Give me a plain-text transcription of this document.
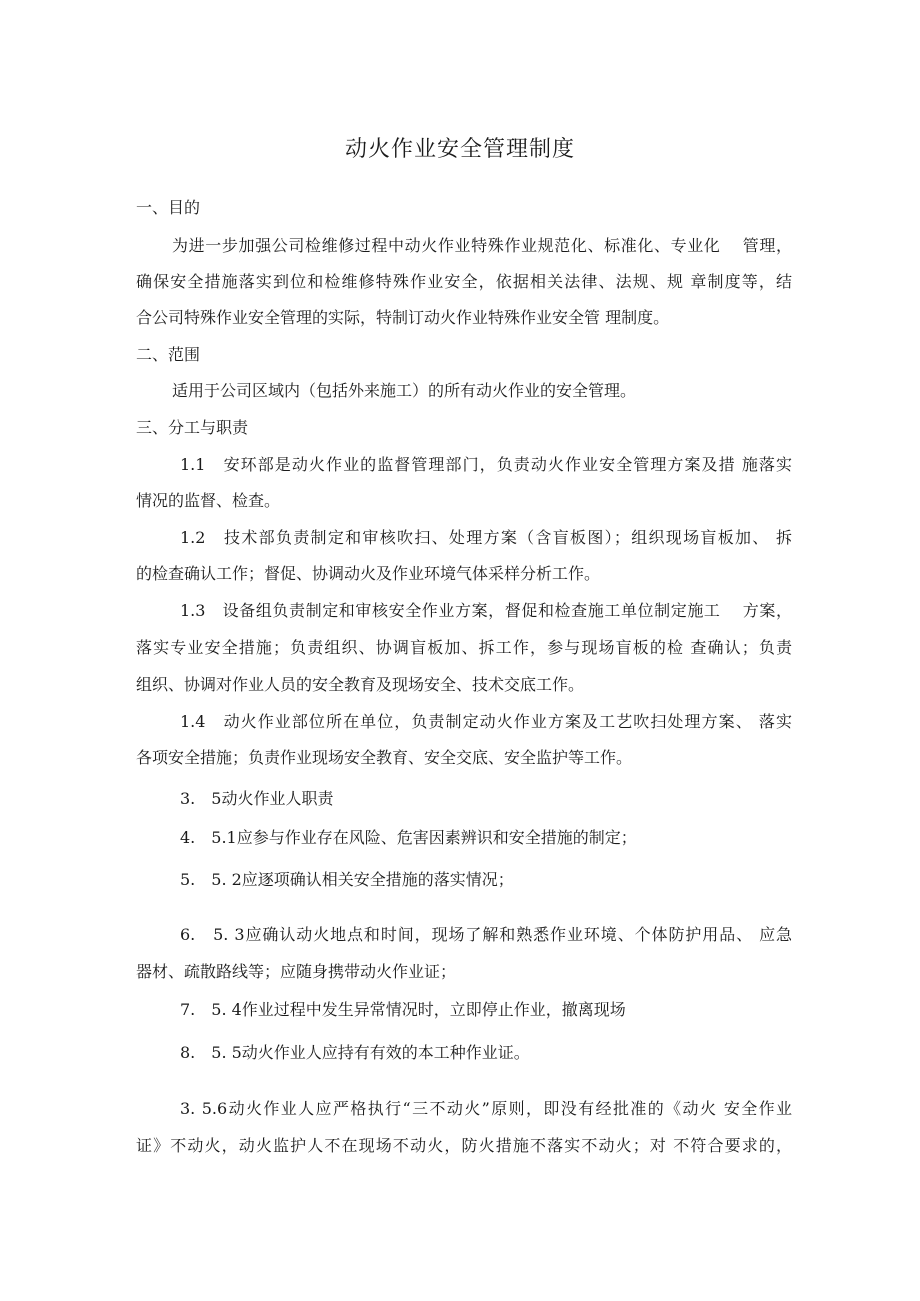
动火作业安全管理制度
一、目的
为进一步加强公司检维修过程中动火作业特殊作业规范化、标准化、专业化　 管理，
确保安全措施落实到位和检维修特殊作业安全，依据相关法律、法规、规 章制度等，结
合公司特殊作业安全管理的实际，特制订动火作业特殊作业安全管 理制度。
二、范围
适用于公司区域内（包括外来施工）的所有动火作业的安全管理。
三、分工与职责
1.1　安环部是动火作业的监督管理部门，负责动火作业安全管理方案及措 施落实
情况的监督、检查。
1.2　技术部负责制定和审核吹扫、处理方案（含盲板图）；组织现场盲板加、 拆
的检查确认工作；督促、协调动火及作业环境气体采样分析工作。
1.3　设备组负责制定和审核安全作业方案，督促和检查施工单位制定施工　 方案，
落实专业安全措施；负责组织、协调盲板加、拆工作，参与现场盲板的检 查确认；负责
组织、协调对作业人员的安全教育及现场安全、技术交底工作。
1.4　动火作业部位所在单位，负责制定动火作业方案及工艺吹扫处理方案、 落实
各项安全措施；负责作业现场安全教育、安全交底、安全监护等工作。
3.　5动火作业人职责
4.　5.1应参与作业存在风险、危害因素辨识和安全措施的制定；
5.　5. 2应逐项确认相关安全措施的落实情况；
6.　5. 3应确认动火地点和时间，现场了解和熟悉作业环境、个体防护用品、 应急
器材、疏散路线等；应随身携带动火作业证；
7.　5. 4作业过程中发生异常情况时，立即停止作业，撤离现场
8.　5. 5动火作业人应持有有效的本工种作业证。
3. 5.6动火作业人应严格执行“三不动火”原则，即没有经批准的《动火 安全作业
证》不动火，动火监护人不在现场不动火，防火措施不落实不动火；对 不符合要求的，
